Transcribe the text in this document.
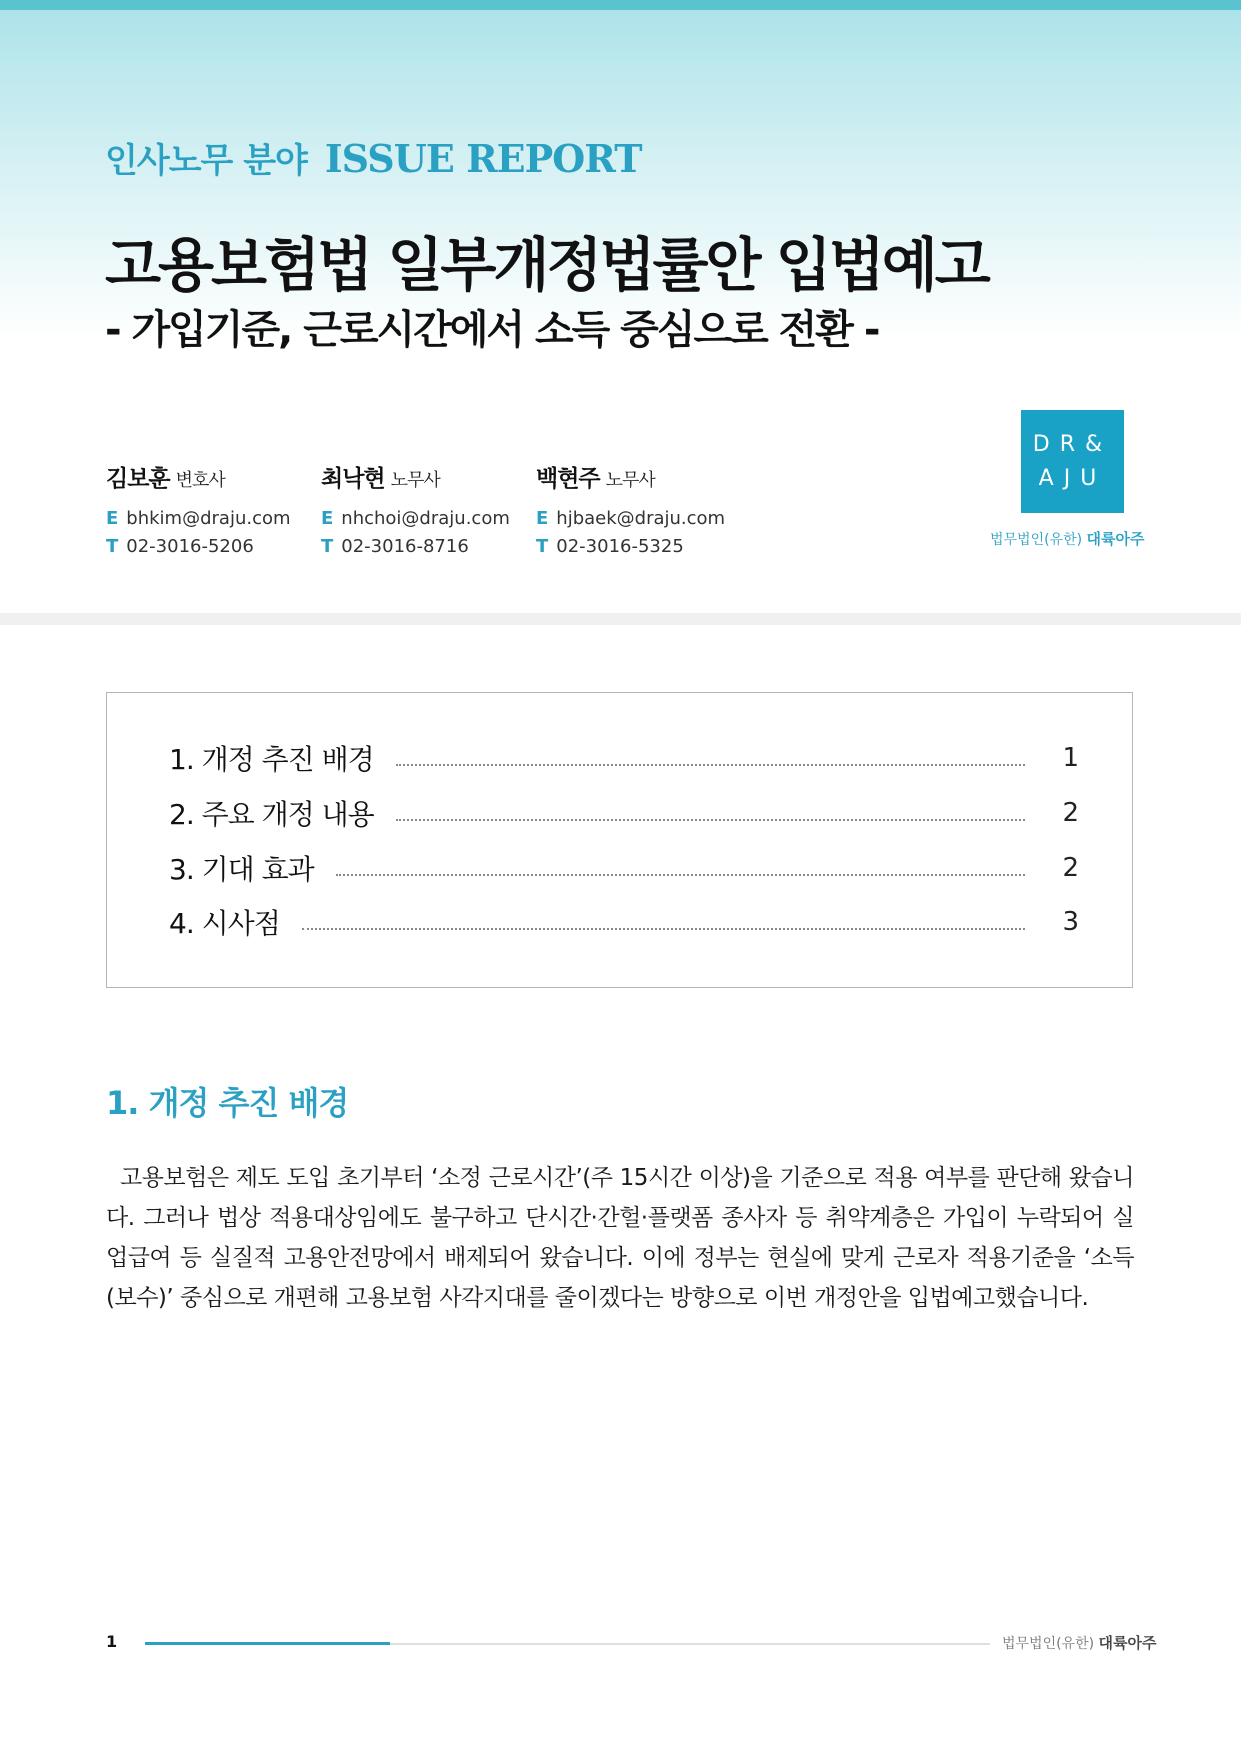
인사노무 분야 ISSUE REPORT
고용보험법 일부개정법률안 입법예고
- 가입기준, 근로시간에서 소득 중심으로 전환 -
김보훈 변호사
E bhkim@draju.com
T 02-3016-5206
최낙현 노무사
E nhchoi@draju.com
T 02-3016-8716
백현주 노무사
E hjbaek@draju.com
T 02-3016-5325
DR&
AJU
법무법인(유한) 대륙아주
1. 개정 추진 배경	1
2. 주요 개정 내용	2
3. 기대 효과	2
4. 시사점	3
1. 개정 추진 배경
고용보험은 제도 도입 초기부터 ‘소정 근로시간’(주 15시간 이상)을 기준으로 적용 여부를 판단해 왔습니다. 그러나 법상 적용대상임에도 불구하고 단시간·간헐·플랫폼 종사자 등 취약계층은 가입이 누락되어 실업급여 등 실질적 고용안전망에서 배제되어 왔습니다. 이에 정부는 현실에 맞게 근로자 적용기준을 ‘소득(보수)’ 중심으로 개편해 고용보험 사각지대를 줄이겠다는 방향으로 이번 개정안을 입법예고했습니다.
1	법무법인(유한) 대륙아주
